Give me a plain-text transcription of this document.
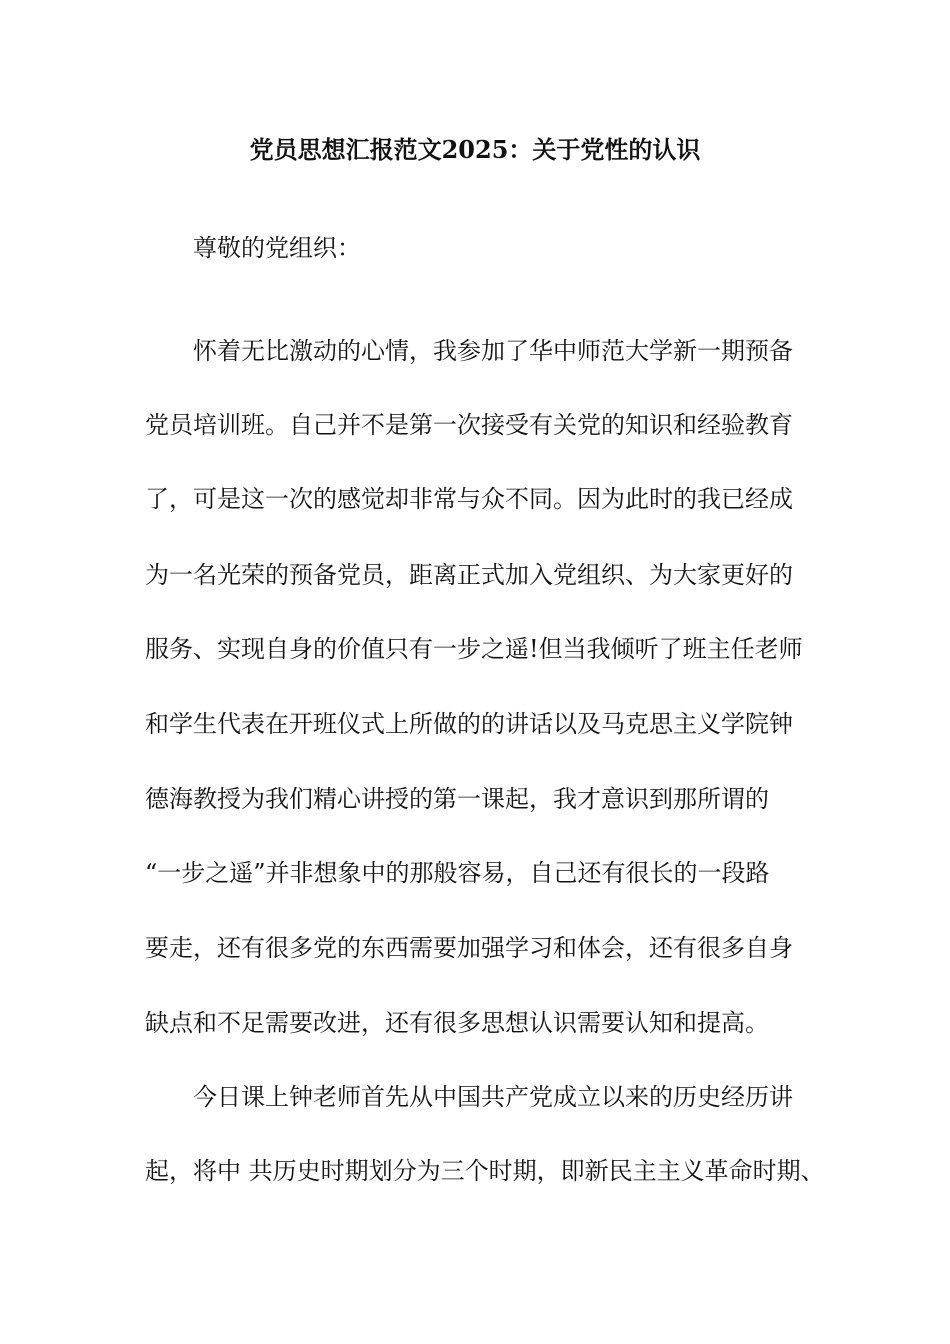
党员思想汇报范文2025：关于党性的认识
尊敬的党组织：
怀着无比激动的心情，我参加了华中师范大学新一期预备
党员培训班。自己并不是第一次接受有关党的知识和经验教育
了，可是这一次的感觉却非常与众不同。因为此时的我已经成
为一名光荣的预备党员，距离正式加入党组织、为大家更好的
服务、实现自身的价值只有一步之遥!但当我倾听了班主任老师
和学生代表在开班仪式上所做的的讲话以及马克思主义学院钟
德海教授为我们精心讲授的第一课起，我才意识到那所谓的
“一步之遥”并非想象中的那般容易，自己还有很长的一段路
要走，还有很多党的东西需要加强学习和体会，还有很多自身
缺点和不足需要改进，还有很多思想认识需要认知和提高。
今日课上钟老师首先从中国共产党成立以来的历史经历讲
起，将中 共历史时期划分为三个时期，即新民主主义革命时期、
